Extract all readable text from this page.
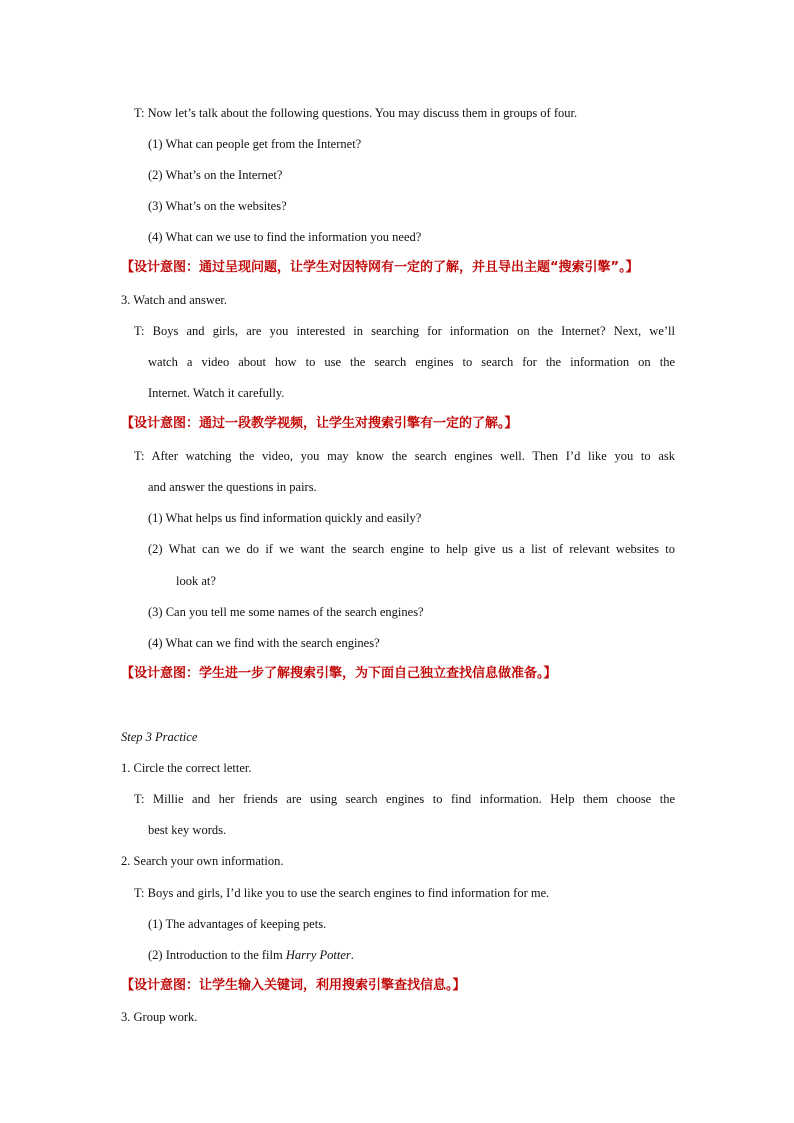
T: Now let’s talk about the following questions. You may discuss them in groups of four.
(1) What can people get from the Internet?
(2) What’s on the Internet?
(3) What’s on the websites?
(4) What can we use to find the information you need?
【设计意图：通过呈现问题，让学生对因特网有一定的了解，并且导出主题“搜索引擎”。】
3. Watch and answer.
T: Boys and girls, are you interested in searching for information on the Internet? Next, we’ll
watch a video about how to use the search engines to search for the information on the
Internet. Watch it carefully.
【设计意图：通过一段教学视频，让学生对搜索引擎有一定的了解。】
T: After watching the video, you may know the search engines well. Then I’d like you to ask
and answer the questions in pairs.
(1) What helps us find information quickly and easily?
(2) What can we do if we want the search engine to help give us a list of relevant websites to
look at?
(3) Can you tell me some names of the search engines?
(4) What can we find with the search engines?
【设计意图：学生进一步了解搜索引擎，为下面自己独立查找信息做准备。】
Step 3 Practice
1. Circle the correct letter.
T: Millie and her friends are using search engines to find information. Help them choose the
best key words.
2. Search your own information.
T: Boys and girls, I’d like you to use the search engines to find information for me.
(1) The advantages of keeping pets.
(2) Introduction to the film Harry Potter.
【设计意图：让学生输入关键词，利用搜索引擎查找信息。】
3. Group work.
